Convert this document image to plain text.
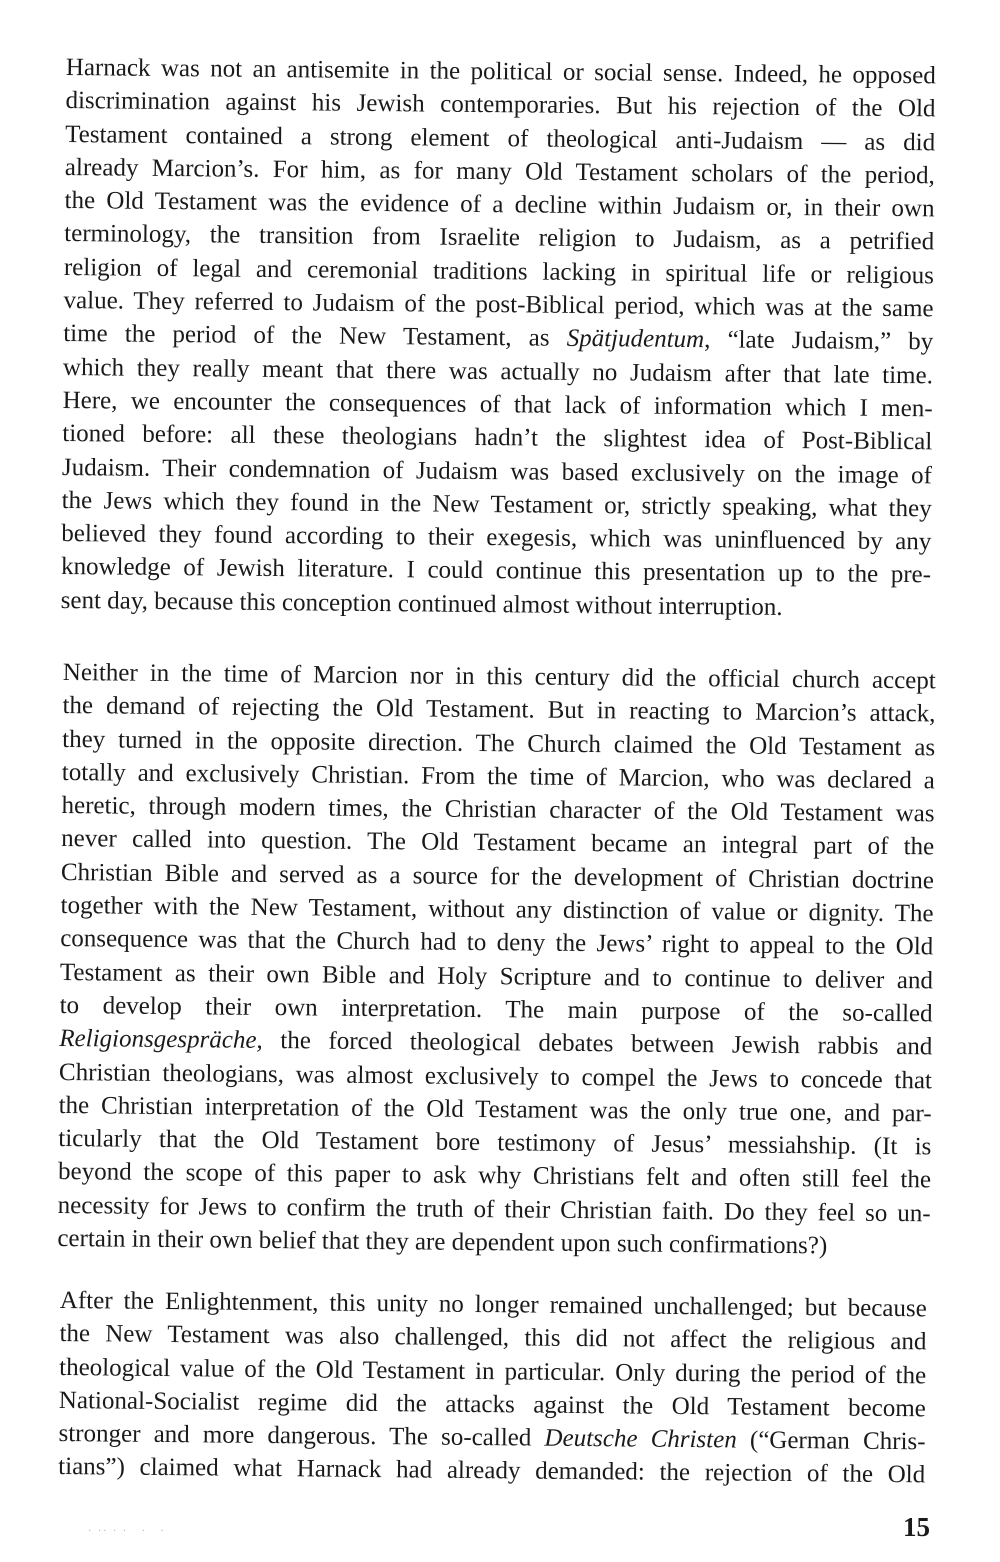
Harnack was not an antisemite in the political or social sense. Indeed, he opposed
discrimination against his Jewish contemporaries. But his rejection of the Old
Testament contained a strong element of theological anti-Judaism — as did
already Marcion’s. For him, as for many Old Testament scholars of the period,
the Old Testament was the evidence of a decline within Judaism or, in their own
terminology, the transition from Israelite religion to Judaism, as a petrified
religion of legal and ceremonial traditions lacking in spiritual life or religious
value. They referred to Judaism of the post-Biblical period, which was at the same
time the period of the New Testament, as Spätjudentum, “late Judaism,” by
which they really meant that there was actually no Judaism after that late time.
Here, we encounter the consequences of that lack of information which I men-
tioned before: all these theologians hadn’t the slightest idea of Post-Biblical
Judaism. Their condemnation of Judaism was based exclusively on the image of
the Jews which they found in the New Testament or, strictly speaking, what they
believed they found according to their exegesis, which was uninfluenced by any
knowledge of Jewish literature. I could continue this presentation up to the pre-
sent day, because this conception continued almost without interruption.
Neither in the time of Marcion nor in this century did the official church accept
the demand of rejecting the Old Testament. But in reacting to Marcion’s attack,
they turned in the opposite direction. The Church claimed the Old Testament as
totally and exclusively Christian. From the time of Marcion, who was declared a
heretic, through modern times, the Christian character of the Old Testament was
never called into question. The Old Testament became an integral part of the
Christian Bible and served as a source for the development of Christian doctrine
together with the New Testament, without any distinction of value or dignity. The
consequence was that the Church had to deny the Jews’ right to appeal to the Old
Testament as their own Bible and Holy Scripture and to continue to deliver and
to develop their own interpretation. The main purpose of the so-called
Religionsgespräche, the forced theological debates between Jewish rabbis and
Christian theologians, was almost exclusively to compel the Jews to concede that
the Christian interpretation of the Old Testament was the only true one, and par-
ticularly that the Old Testament bore testimony of Jesus’ messiahship. (It is
beyond the scope of this paper to ask why Christians felt and often still feel the
necessity for Jews to confirm the truth of their Christian faith. Do they feel so un-
certain in their own belief that they are dependent upon such confirmations?)
After the Enlightenment, this unity no longer remained unchallenged; but because
the New Testament was also challenged, this did not affect the religious and
theological value of the Old Testament in particular. Only during the period of the
National-Socialist regime did the attacks against the Old Testament become
stronger and more dangerous. The so-called Deutsche Christen (“German Chris-
tians”) claimed what Harnack had already demanded: the rejection of the Old
· ·· · ·   ·   ·	15
